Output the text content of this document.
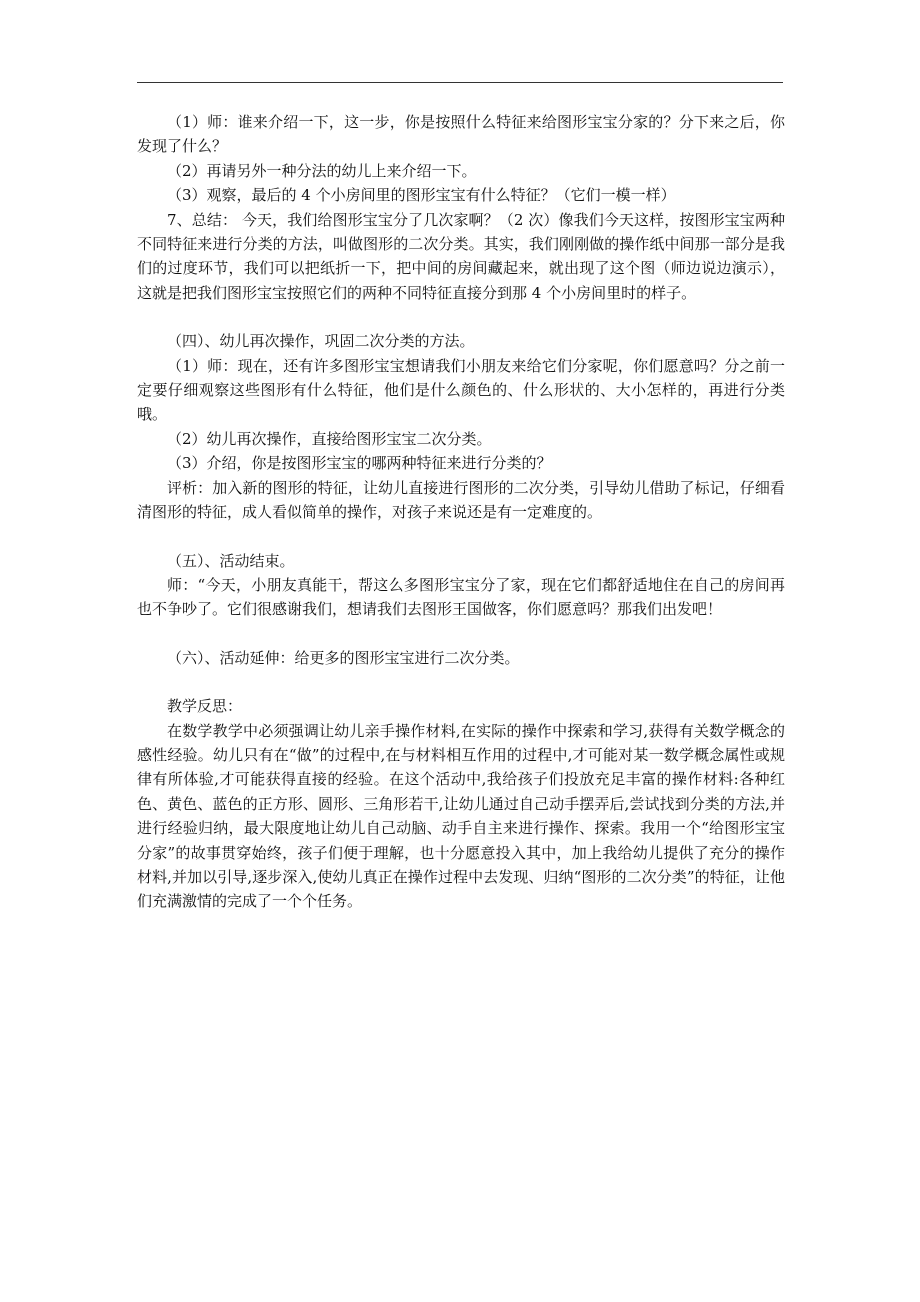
（1）师：谁来介绍一下，这一步，你是按照什么特征来给图形宝宝分家的？分下来之后，你发现了什么？

（2）再请另外一种分法的幼儿上来介绍一下。

（3）观察，最后的 4 个小房间里的图形宝宝有什么特征？（它们一模一样）

7、总结： 今天，我们给图形宝宝分了几次家啊？（2 次）像我们今天这样，按图形宝宝两种不同特征来进行分类的方法，叫做图形的二次分类。其实，我们刚刚做的操作纸中间那一部分是我们的过度环节，我们可以把纸折一下，把中间的房间藏起来，就出现了这个图（师边说边演示），这就是把我们图形宝宝按照它们的两种不同特征直接分到那 4 个小房间里时的样子。

（四）、幼儿再次操作，巩固二次分类的方法。

（1）师：现在，还有许多图形宝宝想请我们小朋友来给它们分家呢，你们愿意吗？分之前一定要仔细观察这些图形有什么特征，他们是什么颜色的、什么形状的、大小怎样的，再进行分类哦。

（2）幼儿再次操作，直接给图形宝宝二次分类。

（3）介绍，你是按图形宝宝的哪两种特征来进行分类的？

评析：加入新的图形的特征，让幼儿直接进行图形的二次分类，引导幼儿借助了标记，仔细看清图形的特征，成人看似简单的操作，对孩子来说还是有一定难度的。

（五）、活动结束。

师：“今天，小朋友真能干，帮这么多图形宝宝分了家，现在它们都舒适地住在自己的房间再也不争吵了。它们很感谢我们，想请我们去图形王国做客，你们愿意吗？那我们出发吧！

（六）、活动延伸：给更多的图形宝宝进行二次分类。

教学反思：

在数学教学中必须强调让幼儿亲手操作材料,在实际的操作中探索和学习,获得有关数学概念的感性经验。幼儿只有在“做”的过程中,在与材料相互作用的过程中,才可能对某一数学概念属性或规律有所体验,才可能获得直接的经验。在这个活动中,我给孩子们投放充足丰富的操作材料:各种红色、黄色、蓝色的正方形、圆形、三角形若干,让幼儿通过自己动手摆弄后,尝试找到分类的方法,并进行经验归纳，最大限度地让幼儿自己动脑、动手自主来进行操作、探索。我用一个“给图形宝宝分家”的故事贯穿始终，孩子们便于理解，也十分愿意投入其中，加上我给幼儿提供了充分的操作材料,并加以引导,逐步深入,使幼儿真正在操作过程中去发现、归纳“图形的二次分类”的特征，让他们充满激情的完成了一个个任务。
